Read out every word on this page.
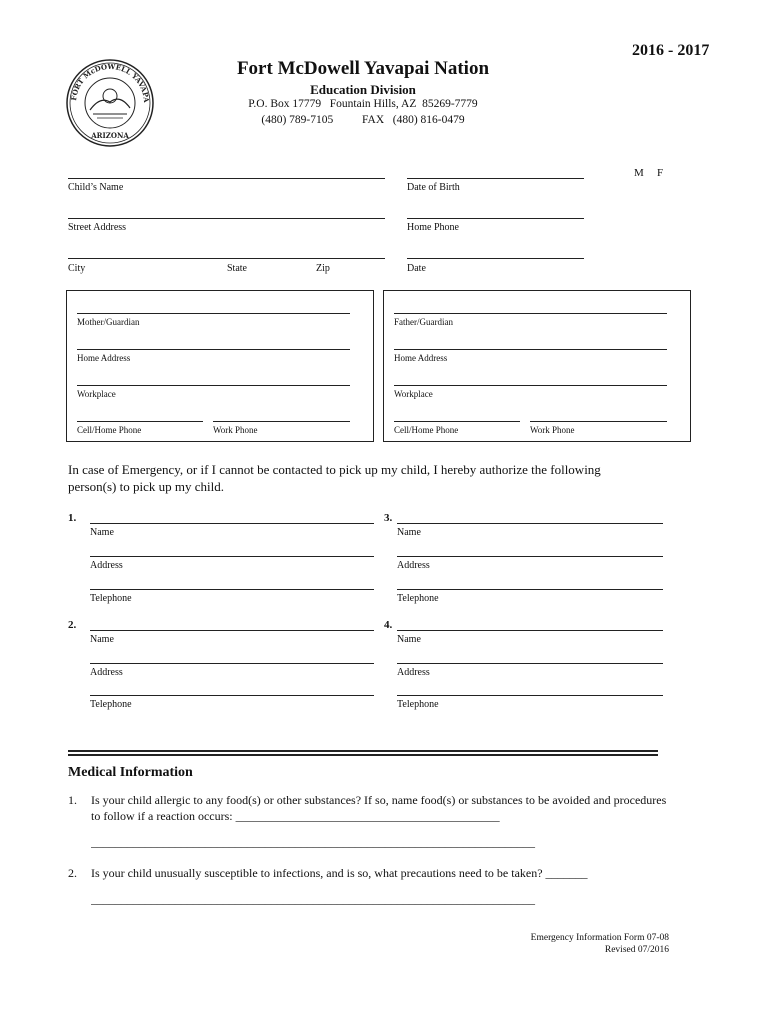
FORT McDOWELL YAVAPA
ARIZONA
2016 - 2017
Fort McDowell Yavapai Nation
Education Division
P.O. Box 17779   Fountain Hills, AZ  85269-7779
(480) 789-7105          FAX   (480) 816-0479
Child’s Name	Date of Birth
M F
Street Address	Home Phone
City	State	Zip	Date
Mother/Guardian
Home Address
Workplace
Cell/Home Phone	Work Phone
Father/Guardian
Home Address
Workplace
Cell/Home Phone	Work Phone
In case of Emergency, or if I cannot be contacted to pick up my child, I hereby authorize the following person(s) to pick up my child.
1.
Name
Address
Telephone
3.
Name
Address
Telephone
2.
Name
Address
Telephone
4.
Name
Address
Telephone
Medical Information
1. Is your child allergic to any food(s) or other substances? If so, name food(s) or substances to be avoided and procedures to follow if a reaction occurs: ____________________________________________
__________________________________________________________________________
2. Is your child unusually susceptible to infections, and is so, what precautions need to be taken? _______
__________________________________________________________________________
Emergency Information Form 07-08
Revised 07/2016
